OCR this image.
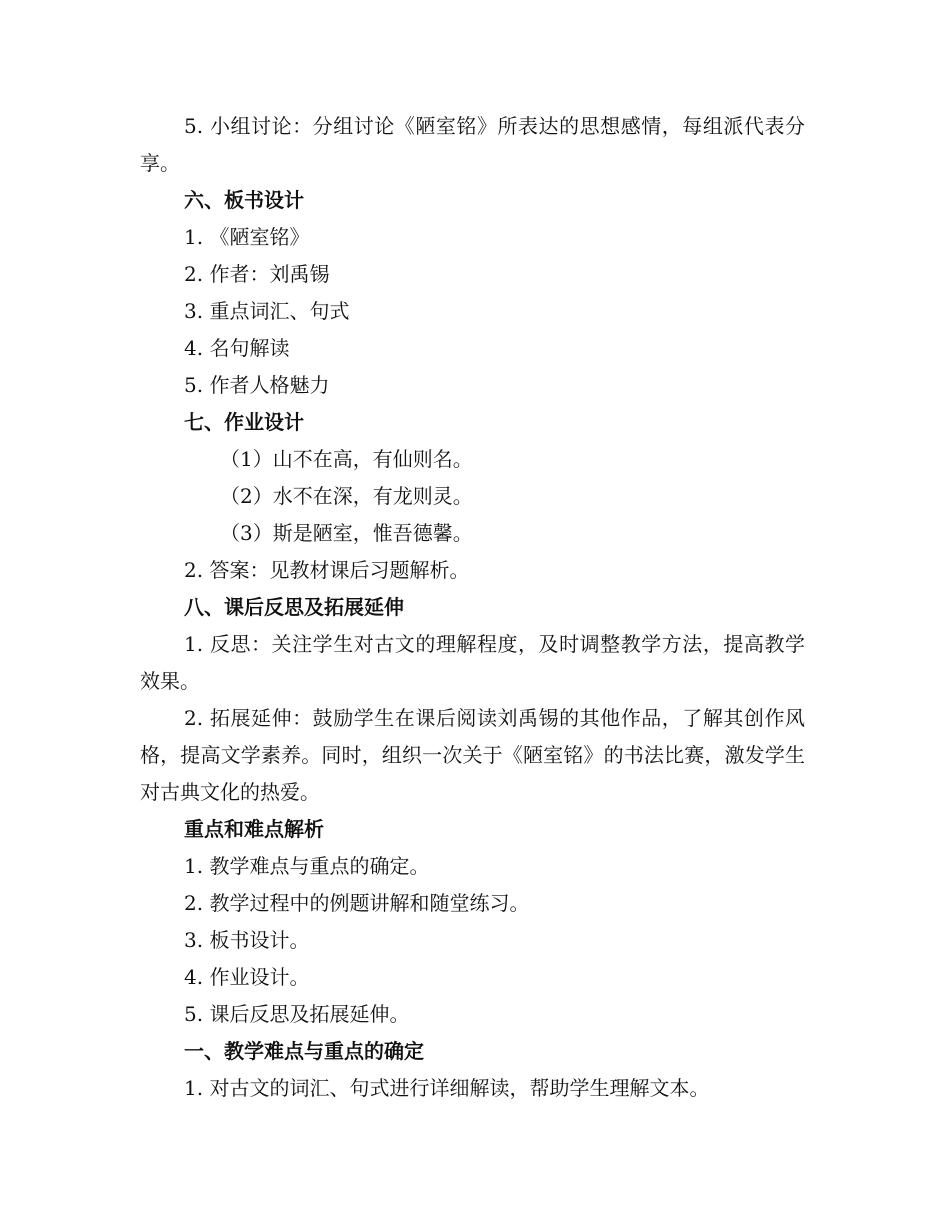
5. 小组讨论：分组讨论《陋室铭》所表达的思想感情，每组派代表分享。
六、板书设计
1. 《陋室铭》
2. 作者：刘禹锡
3. 重点词汇、句式
4. 名句解读
5. 作者人格魅力
七、作业设计
（1）山不在高，有仙则名。
（2）水不在深，有龙则灵。
（3）斯是陋室，惟吾德馨。
2. 答案：见教材课后习题解析。
八、课后反思及拓展延伸
1. 反思：关注学生对古文的理解程度，及时调整教学方法，提高教学效果。
2. 拓展延伸：鼓励学生在课后阅读刘禹锡的其他作品，了解其创作风格，提高文学素养。同时，组织一次关于《陋室铭》的书法比赛，激发学生对古典文化的热爱。
重点和难点解析
1. 教学难点与重点的确定。
2. 教学过程中的例题讲解和随堂练习。
3. 板书设计。
4. 作业设计。
5. 课后反思及拓展延伸。
一、教学难点与重点的确定
1. 对古文的词汇、句式进行详细解读，帮助学生理解文本。
